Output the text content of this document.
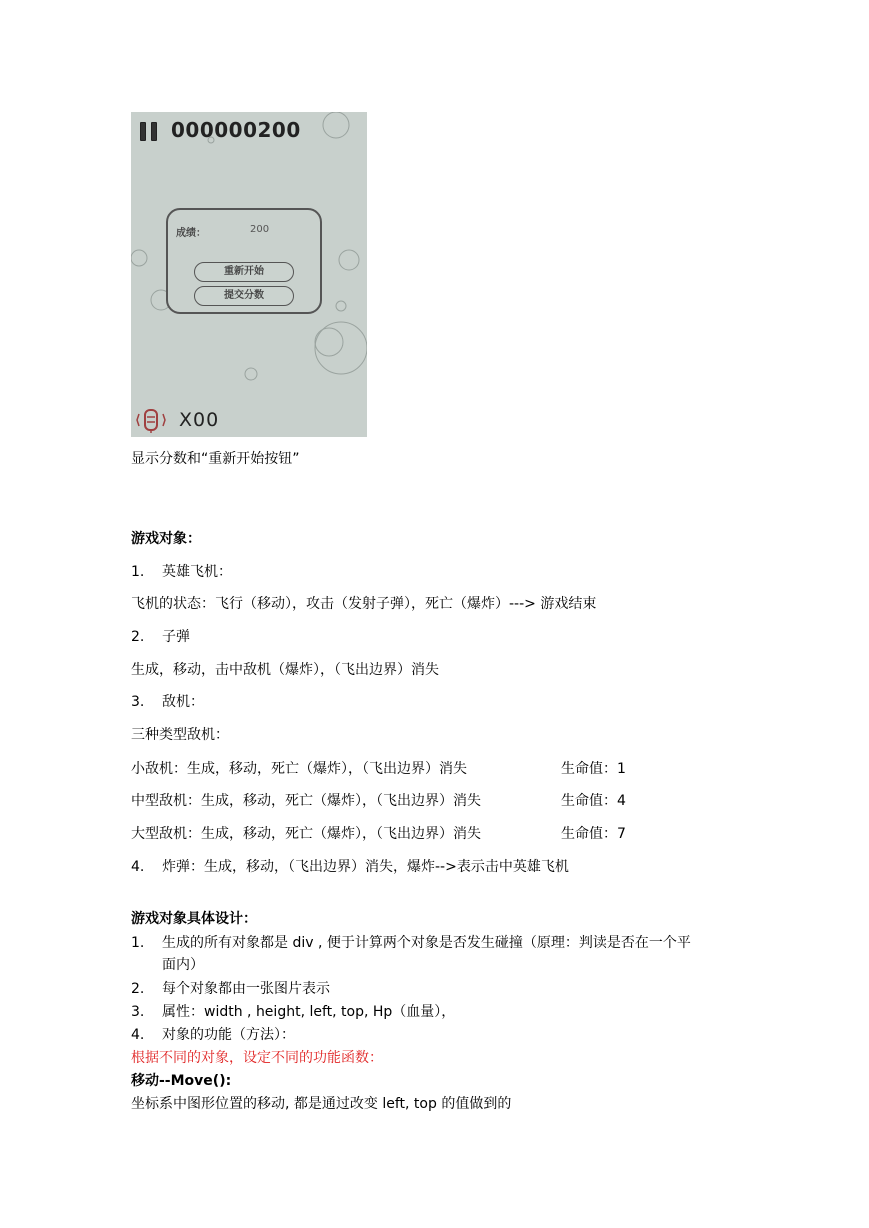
000000200
成绩：	200
重新开始
提交分数
X00
显示分数和“重新开始按钮”
游戏对象：
1. 英雄飞机：
飞机的状态：飞行（移动），攻击（发射子弹），死亡（爆炸）---> 游戏结束
2. 子弹
生成，移动，击中敌机（爆炸），（飞出边界）消失
3. 敌机：
三种类型敌机：
小敌机：生成，移动，死亡（爆炸），（飞出边界）消失	生命值：1
中型敌机：生成，移动，死亡（爆炸），（飞出边界）消失	生命值：4
大型敌机：生成，移动，死亡（爆炸），（飞出边界）消失	生命值：7
4. 炸弹：生成，移动，（飞出边界）消失，爆炸-->表示击中英雄飞机
游戏对象具体设计：
1. 生成的所有对象都是 div , 便于计算两个对象是否发生碰撞（原理：判读是否在一个平
面内）
2. 每个对象都由一张图片表示
3. 属性：width , height, left, top, Hp（血量），
4. 对象的功能（方法）：
根据不同的对象，设定不同的功能函数：
移动--Move():
坐标系中图形位置的移动, 都是通过改变 left, top 的值做到的
